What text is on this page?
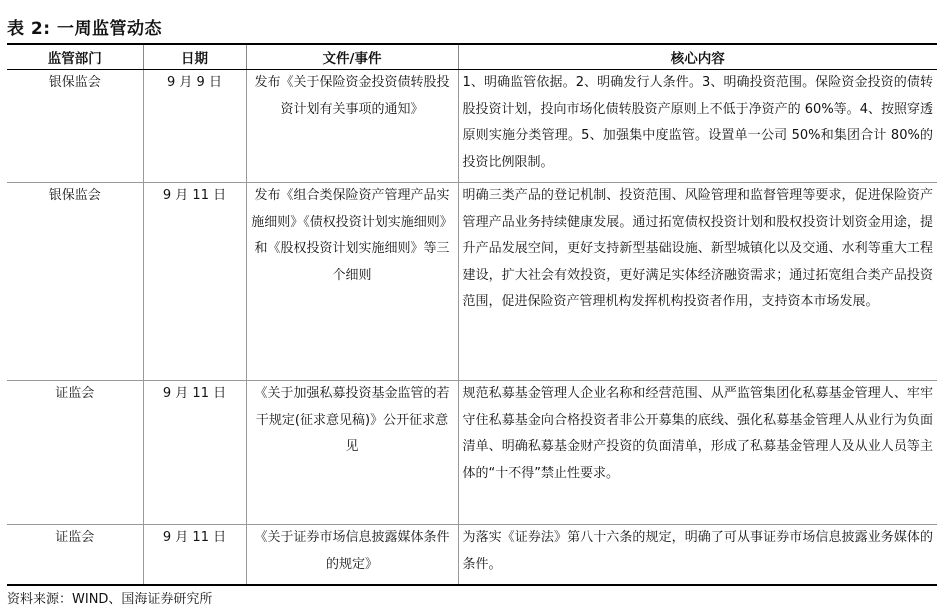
表 2: 一周监管动态
监管部门	日期	文件/事件	核心内容

银保监会	9 月 9 日	发布《关于保险资金投资债转股投资计划有关事项的通知》	1、明确监管依据。2、明确发行人条件。3、明确投资范围。保险资金投资的债转股投资计划，投向市场化债转股资产原则上不低于净资产的 60%等。4、按照穿透原则实施分类管理。5、加强集中度监管。设置单一公司 50%和集团合计 80%的投资比例限制。

银保监会	9 月 11 日	发布《组合类保险资产管理产品实施细则》《债权投资计划实施细则》和《股权投资计划实施细则》等三个细则	明确三类产品的登记机制、投资范围、风险管理和监督管理等要求，促进保险资产管理产品业务持续健康发展。通过拓宽债权投资计划和股权投资计划资金用途，提升产品发展空间，更好支持新型基础设施、新型城镇化以及交通、水利等重大工程建设，扩大社会有效投资，更好满足实体经济融资需求；通过拓宽组合类产品投资范围，促进保险资产管理机构发挥机构投资者作用，支持资本市场发展。

证监会	9 月 11 日	《关于加强私募投资基金监管的若干规定(征求意见稿)》公开征求意见	规范私募基金管理人企业名称和经营范围、从严监管集团化私募基金管理人、牢牢守住私募基金向合格投资者非公开募集的底线、强化私募基金管理人从业行为负面清单、明确私募基金财产投资的负面清单，形成了私募基金管理人及从业人员等主体的“十不得”禁止性要求。

证监会	9 月 11 日	《关于证券市场信息披露媒体条件的规定》	为落实《证券法》第八十六条的规定，明确了可从事证券市场信息披露业务媒体的条件。
资料来源：WIND、国海证券研究所
